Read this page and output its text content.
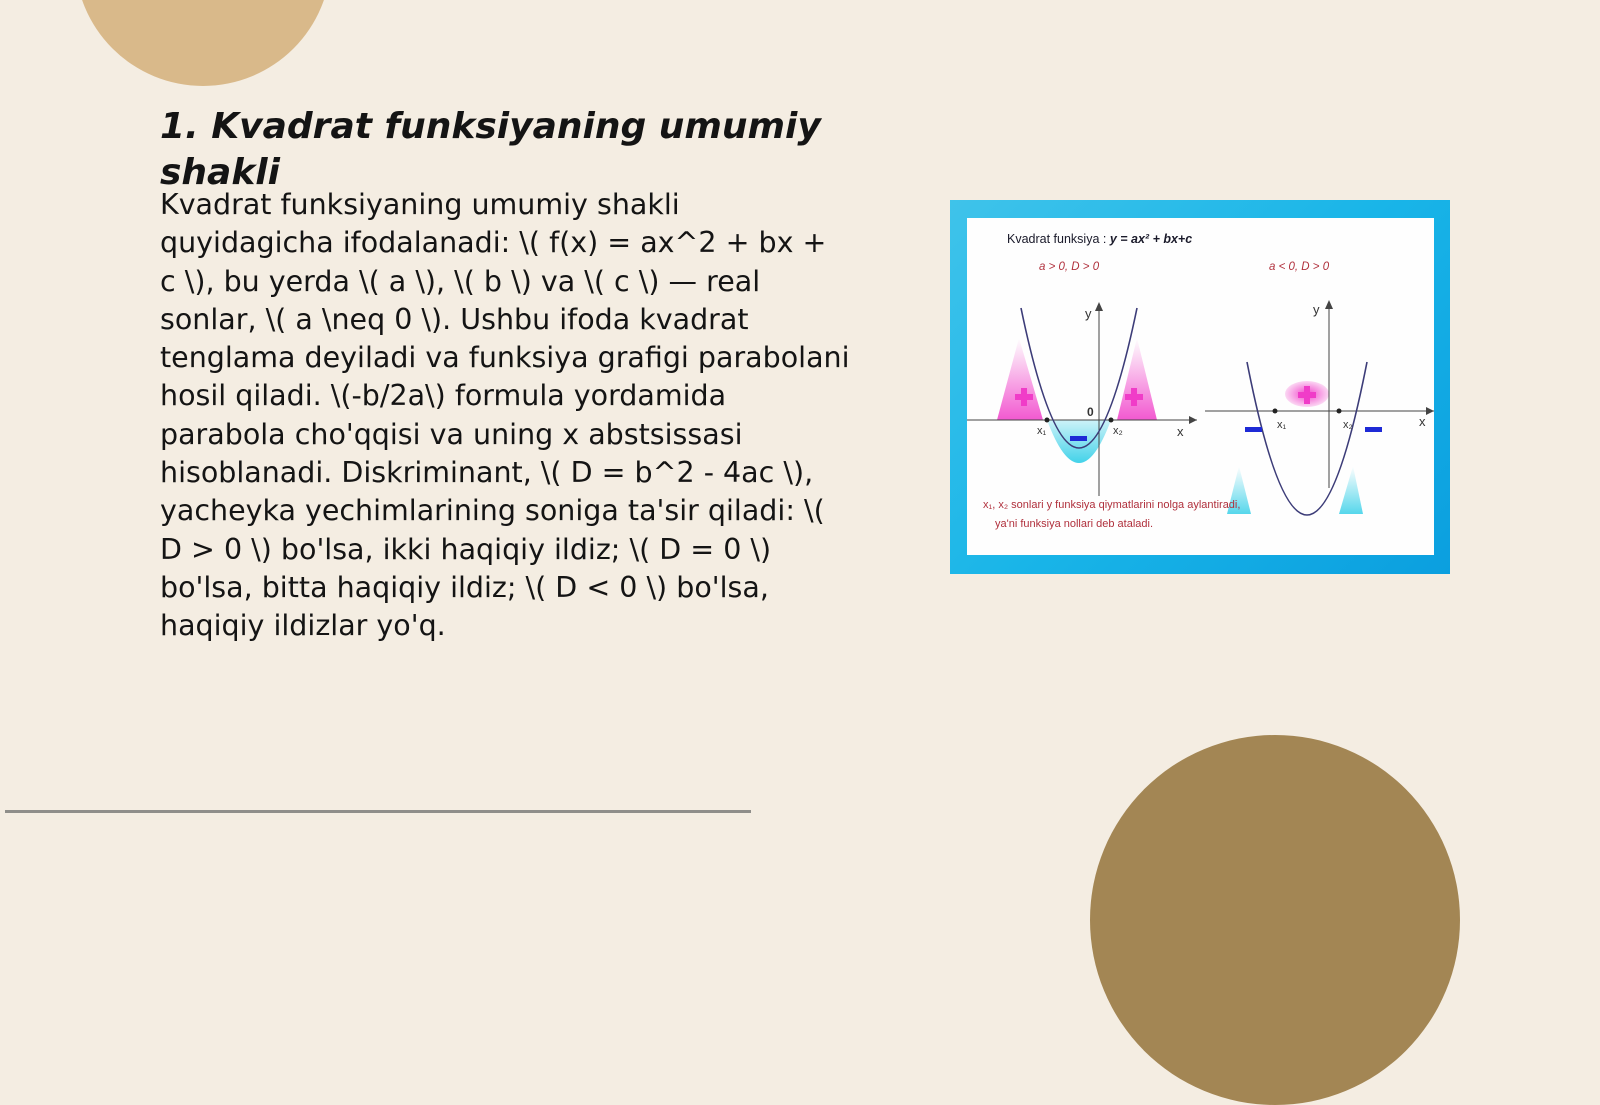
1. Kvadrat funksiyaning umumiy shakli

Kvadrat funksiyaning umumiy shakli quyidagicha ifodalanadi: \( f(x) = ax^2 + bx + c \), bu yerda \( a \), \( b \) va \( c \) — real sonlar, \( a \neq 0 \). Ushbu ifoda kvadrat tenglama deyiladi va funksiya grafigi parabolani hosil qiladi. \(-b/2a\) formula yordamida parabola cho'qqisi va uning x abstsissasi hisoblanadi. Diskriminant, \( D = b^2 - 4ac \), yacheyka yechimlarining soniga ta'sir qiladi: \( D > 0 \) bo'lsa, ikki haqiqiy ildiz; \( D = 0 \) bo'lsa, bitta haqiqiy ildiz; \( D < 0 \) bo'lsa, haqiqiy ildizlar yo'q.

Kvadrat funksiya : y = ax² + bx+c
a > 0, D > 0	a < 0, D > 0
y
x
0
x₁	x₂
y
x
x₁	x₂
x₁, x₂ sonlari y funksiya qiymatlarini nolga aylantiradi,
ya'ni funksiya nollari deb ataladi.
